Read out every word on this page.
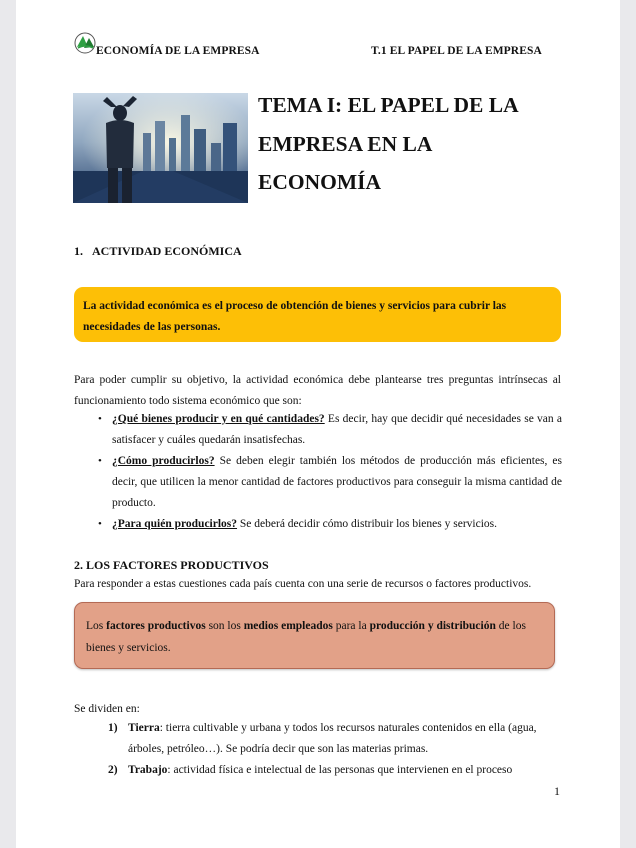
ECONOMÍA DE LA EMPRESA	T.1 EL PAPEL DE LA EMPRESA
TEMA I: EL PAPEL DE LA
EMPRESA EN LA
ECONOMÍA
1. ACTIVIDAD ECONÓMICA
La actividad económica es el proceso de obtención de bienes y servicios para cubrir las necesidades de las personas.
Para poder cumplir su objetivo, la actividad económica debe plantearse tres preguntas intrínsecas al funcionamiento todo sistema económico que son:
• ¿Qué bienes producir y en qué cantidades? Es decir, hay que decidir qué necesidades se van a satisfacer y cuáles quedarán insatisfechas.
• ¿Cómo producirlos? Se deben elegir también los métodos de producción más eficientes, es decir, que utilicen la menor cantidad de factores productivos para conseguir la misma cantidad de producto.
• ¿Para quién producirlos? Se deberá decidir cómo distribuir los bienes y servicios.
2. LOS FACTORES PRODUCTIVOS
Para responder a estas cuestiones cada país cuenta con una serie de recursos o factores productivos.
Los factores productivos son los medios empleados para la producción y distribución de los bienes y servicios.
Se dividen en:
1) Tierra: tierra cultivable y urbana y todos los recursos naturales contenidos en ella (agua, árboles, petróleo…). Se podría decir que son las materias primas.
2) Trabajo: actividad física e intelectual de las personas que intervienen en el proceso
1
